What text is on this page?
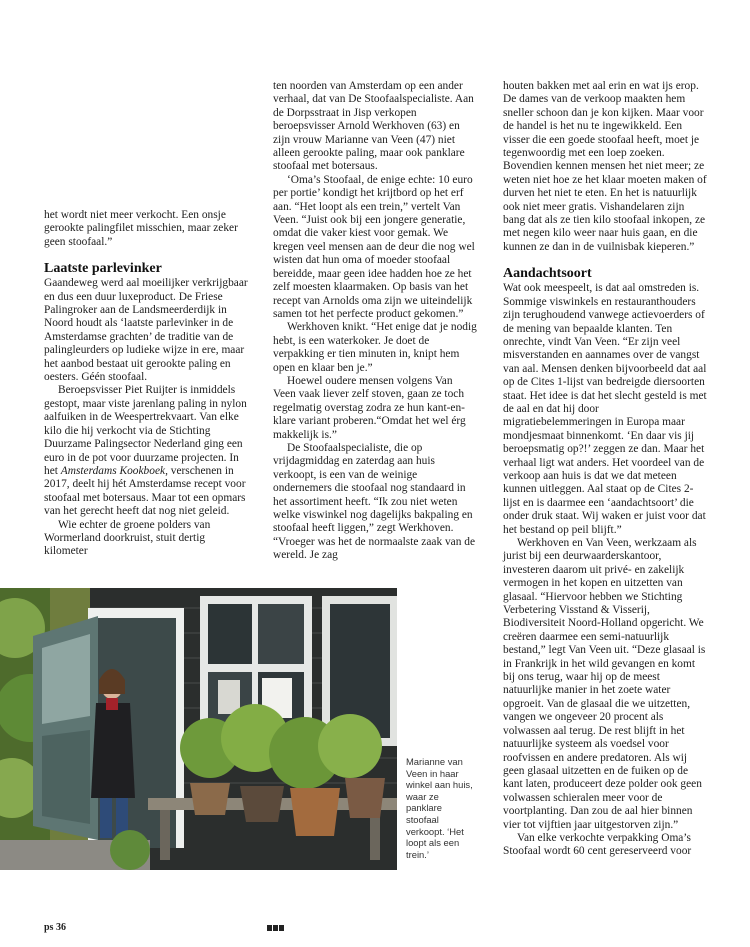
het wordt niet meer verkocht. Een onsje gerookte palingfilet misschien, maar zeker geen stoofaal.”

Laatste parlevinker

Gaandeweg werd aal moeilijker verkrijgbaar en dus een duur luxeproduct. De Friese Palingroker aan de Landsmeerderdijk in Noord houdt als ‘laatste parlevinker in de Amsterdamse grachten’ de traditie van de palingleurders op ludieke wijze in ere, maar het aanbod bestaat uit gerookte paling en oesters. Géén stoofaal.

Beroepsvisser Piet Ruijter is inmiddels gestopt, maar viste jarenlang paling in nylon aalfuiken in de Weespertrekvaart. Van elke kilo die hij verkocht via de Stichting Duurzame Palingsector Nederland ging een euro in de pot voor duurzame projecten. In het Amsterdams Kookboek, verschenen in 2017, deelt hij hét Amsterdamse recept voor stoofaal met botersaus. Maar tot een opmars van het gerecht heeft dat nog niet geleid.

Wie echter de groene polders van Wormerland doorkruist, stuit dertig kilometer

ten noorden van Amsterdam op een ander verhaal, dat van De Stoofaalspecialiste. Aan de Dorpsstraat in Jisp verkopen beroepsvisser Arnold Werkhoven (63) en zijn vrouw Marianne van Veen (47) niet alleen gerookte paling, maar ook panklare stoofaal met botersaus.

‘Oma’s Stoofaal, de enige echte: 10 euro per portie’ kondigt het krijtbord op het erf aan. “Het loopt als een trein,” vertelt Van Veen. “Juist ook bij een jongere generatie, omdat die vaker kiest voor gemak. We kregen veel mensen aan de deur die nog wel wisten dat hun oma of moeder stoofaal bereidde, maar geen idee hadden hoe ze het zelf moesten klaarmaken. Op basis van het recept van Arnolds oma zijn we uiteindelijk samen tot het perfecte product gekomen.”

Werkhoven knikt. “Het enige dat je nodig hebt, is een waterkoker. Je doet de verpakking er tien minuten in, knipt hem open en klaar ben je.”

Hoewel oudere mensen volgens Van Veen vaak liever zelf stoven, gaan ze toch regelmatig overstag zodra ze hun kant-en-klare variant proberen.“Omdat het wel érg makkelijk is.”

De Stoofaalspecialiste, die op vrijdagmiddag en zaterdag aan huis verkoopt, is een van de weinige ondernemers die stoofaal nog standaard in het assortiment heeft. “Ik zou niet weten welke viswinkel nog dagelijks bakpaling en stoofaal heeft liggen,” zegt Werkhoven. “Vroeger was het de normaalste zaak van de wereld. Je zag

houten bakken met aal erin en wat ijs erop. De dames van de verkoop maakten hem sneller schoon dan je kon kijken. Maar voor de handel is het nu te ingewikkeld. Een visser die een goede stoofaal heeft, moet je tegenwoordig met een loep zoeken. Bovendien kennen mensen het niet meer; ze weten niet hoe ze het klaar moeten maken of durven het niet te eten. En het is natuurlijk ook niet meer gratis. Vishandelaren zijn bang dat als ze tien kilo stoofaal inkopen, ze met negen kilo weer naar huis gaan, en die kunnen ze dan in de vuilnisbak kieperen.”

Aandachtsoort

Wat ook meespeelt, is dat aal omstreden is. Sommige viswinkels en restauranthouders zijn terughoudend vanwege actievoerders of de mening van bepaalde klanten. Ten onrechte, vindt Van Veen. “Er zijn veel misverstanden en aannames over de vangst van aal. Mensen denken bijvoorbeeld dat aal op de Cites 1-lijst van bedreigde diersoorten staat. Het idee is dat het slecht gesteld is met de aal en dat hij door migratiebelemmeringen in Europa maar mondjesmaat binnenkomt. ‘En daar vis jij beroepsmatig op?!’ zeggen ze dan. Maar het verhaal ligt wat anders. Het voordeel van de verkoop aan huis is dat we dat meteen kunnen uitleggen. Aal staat op de Cites 2-lijst en is daarmee een ‘aandachtsoort’ die onder druk staat. Wij waken er juist voor dat het bestand op peil blijft.”

Werkhoven en Van Veen, werkzaam als jurist bij een deurwaarderskantoor, investeren daarom uit privé- en zakelijk vermogen in het kopen en uitzetten van glasaal. “Hiervoor hebben we Stichting Verbetering Visstand & Visserij, Biodiversiteit Noord-Holland opgericht. We creëren daarmee een semi-natuurlijk bestand,” legt Van Veen uit. “Deze glasaal is in Frankrijk in het wild gevangen en komt bij ons terug, waar hij op de meest natuurlijke manier in het zoete water opgroeit. Van de glasaal die we uitzetten, vangen we ongeveer 20 procent als volwassen aal terug. De rest blijft in het natuurlijke systeem als voedsel voor roofvissen en andere predatoren. Als wij geen glasaal uitzetten en de fuiken op de kant laten, produceert deze polder ook geen volwassen schieralen meer voor de voortplanting. Dan zou de aal hier binnen vier tot vijftien jaar uitgestorven zijn.”

Van elke verkochte verpakking Oma’s Stoofaal wordt 60 cent gereserveerd voor

Marianne van Veen in haar winkel aan huis, waar ze panklare stoofaal verkoopt. ‘Het loopt als een trein.’
ps 36
